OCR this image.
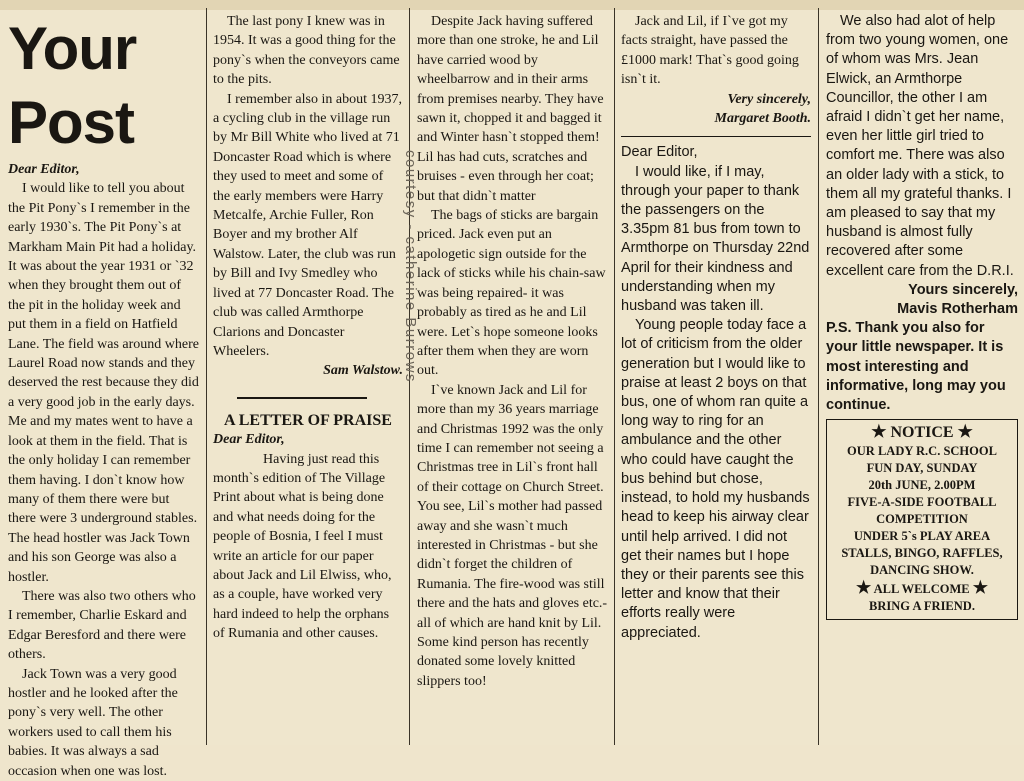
Your

Post

Dear Editor,

I would like to tell you about the Pit Pony`s I remember in the early 1930`s. The Pit Pony`s at Markham Main Pit had a holiday. It was about the year 1931 or `32 when they brought them out of the pit in the holiday week and put them in a field on Hatfield Lane. The field was around where Laurel Road now stands and they deserved the rest because they did a very good job in the early days. Me and my mates went to have a look at them in the field. That is the only holiday I can remember them having. I don`t know how many of them there were but there were 3 underground stables. The head hostler was Jack Town and his son George was also a hostler.

There was also two others who I remember, Charlie Eskard and Edgar Beresford and there were others.

Jack Town was a very good hostler and he looked after the pony`s very well. The other workers used to call them his babies. It was always a sad occasion when one was lost.

The last pony I knew was in 1954. It was a good thing for the pony`s when the conveyors came to the pits.

I remember also in about 1937, a cycling club in the village run by Mr Bill White who lived at 71 Doncaster Road which is where they used to meet and some of the early members were Harry Metcalfe, Archie Fuller, Ron Boyer and my brother Alf Walstow. Later, the club was run by Bill and Ivy Smedley who lived at 77 Doncaster Road. The club was called Armthorpe Clarions and Doncaster Wheelers.

Sam Walstow.

A LETTER OF PRAISE

Dear Editor,

Having just read this month`s edition of The Village Print about what is being done and what needs doing for the people of Bosnia, I feel I must write an article for our paper about Jack and Lil Elwiss, who, as a couple, have worked very hard indeed to help the orphans of Rumania and other causes.

courtesy - catherine Burrows

Despite Jack having suffered more than one stroke, he and Lil have carried wood by wheelbarrow and in their arms from premises nearby. They have sawn it, chopped it and bagged it and Winter hasn`t stopped them! Lil has had cuts, scratches and bruises - even through her coat; but that didn`t matter

The bags of sticks are bargain priced. Jack even put an apologetic sign outside for the lack of sticks while his chain-saw was being repaired- it was probably as tired as he and Lil were. Let`s hope someone looks after them when they are worn out.

I`ve known Jack and Lil for more than my 36 years marriage and Christmas 1992 was the only time I can remember not seeing a Christmas tree in Lil`s front hall of their cottage on Church Street. You see, Lil`s mother had passed away and she wasn`t much interested in Christmas - but she didn`t forget the children of Rumania. The fire-wood was still there and the hats and gloves etc.- all of which are hand knit by Lil. Some kind person has recently donated some lovely knitted slippers too!

Jack and Lil, if I`ve got my facts straight, have passed the £1000 mark! That`s good going isn`t it.

Very sincerely,

Margaret Booth.

Dear Editor,

I would like, if I may, through your paper to thank the passengers on the 3.35pm 81 bus from town to Armthorpe on Thursday 22nd April for their kindness and understanding when my husband was taken ill.

Young people today face a lot of criticism from the older generation but I would like to praise at least 2 boys on that bus, one of whom ran quite a long way to ring for an ambulance and the other who could have caught the bus behind but chose, instead, to hold my husbands head to keep his airway clear until help arrived. I did not get their names but I hope they or their parents see this letter and know that their efforts really were appreciated.

We also had alot of help from two young women, one of whom was Mrs. Jean Elwick, an Armthorpe Councillor, the other I am afraid I didn`t get her name, even her little girl tried to comfort me. There was also an older lady with a stick, to them all my grateful thanks. I am pleased to say that my husband is almost fully recovered after some excellent care from the D.R.I.

Yours sincerely,

Mavis Rotherham

P.S. Thank you also for your little newspaper. It is most interesting and informative, long may you continue.

★ NOTICE ★
OUR LADY R.C. SCHOOL
FUN DAY, SUNDAY
20th JUNE, 2.00PM
FIVE-A-SIDE FOOTBALL
COMPETITION
UNDER 5`s PLAY AREA
STALLS, BINGO, RAFFLES,
DANCING SHOW.
★ ALL WELCOME ★
BRING A FRIEND.
